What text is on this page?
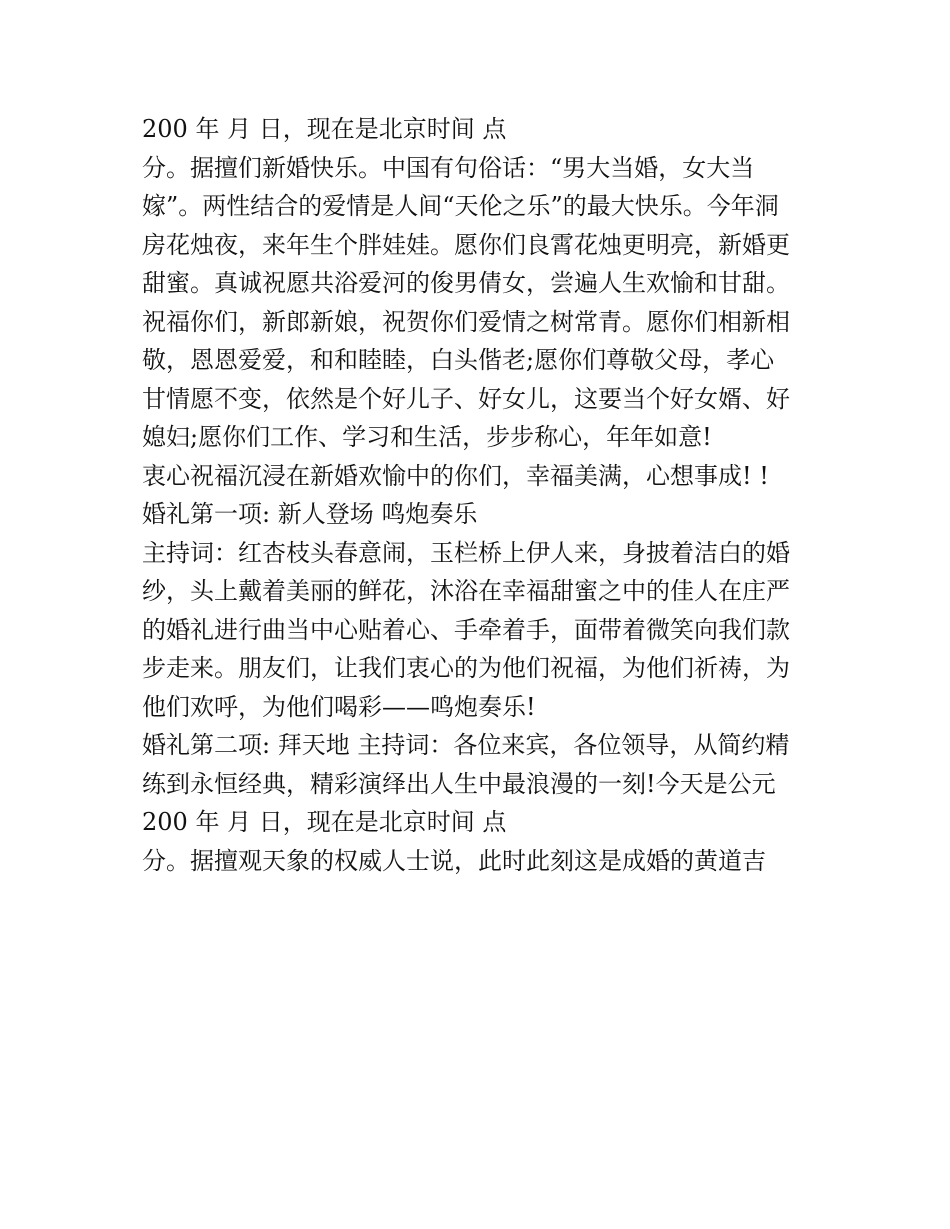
200 年 月 日，现在是北京时间 点
分。据擅们新婚快乐。中国有句俗话：“男大当婚，女大当
嫁”。两性结合的爱情是人间“天伦之乐”的最大快乐。今年洞
房花烛夜，来年生个胖娃娃。愿你们良霄花烛更明亮，新婚更
甜蜜。真诚祝愿共浴爱河的俊男倩女，尝遍人生欢愉和甘甜。
祝福你们，新郎新娘，祝贺你们爱情之树常青。愿你们相新相
敬，恩恩爱爱，和和睦睦，白头偕老;愿你们尊敬父母，孝心
甘情愿不变，依然是个好儿子、好女儿，这要当个好女婿、好
媳妇;愿你们工作、学习和生活，步步称心，年年如意!
衷心祝福沉浸在新婚欢愉中的你们，幸福美满，心想事成! !
婚礼第一项: 新人登场 鸣炮奏乐
主持词：红杏枝头春意闹，玉栏桥上伊人来，身披着洁白的婚
纱，头上戴着美丽的鲜花，沐浴在幸福甜蜜之中的佳人在庄严
的婚礼进行曲当中心贴着心、手牵着手，面带着微笑向我们款
步走来。朋友们，让我们衷心的为他们祝福，为他们祈祷，为
他们欢呼，为他们喝彩——鸣炮奏乐!
婚礼第二项: 拜天地 主持词：各位来宾，各位领导，从简约精
练到永恒经典，精彩演绎出人生中最浪漫的一刻!今天是公元
200 年 月 日，现在是北京时间 点
分。据擅观天象的权威人士说，此时此刻这是成婚的黄道吉
